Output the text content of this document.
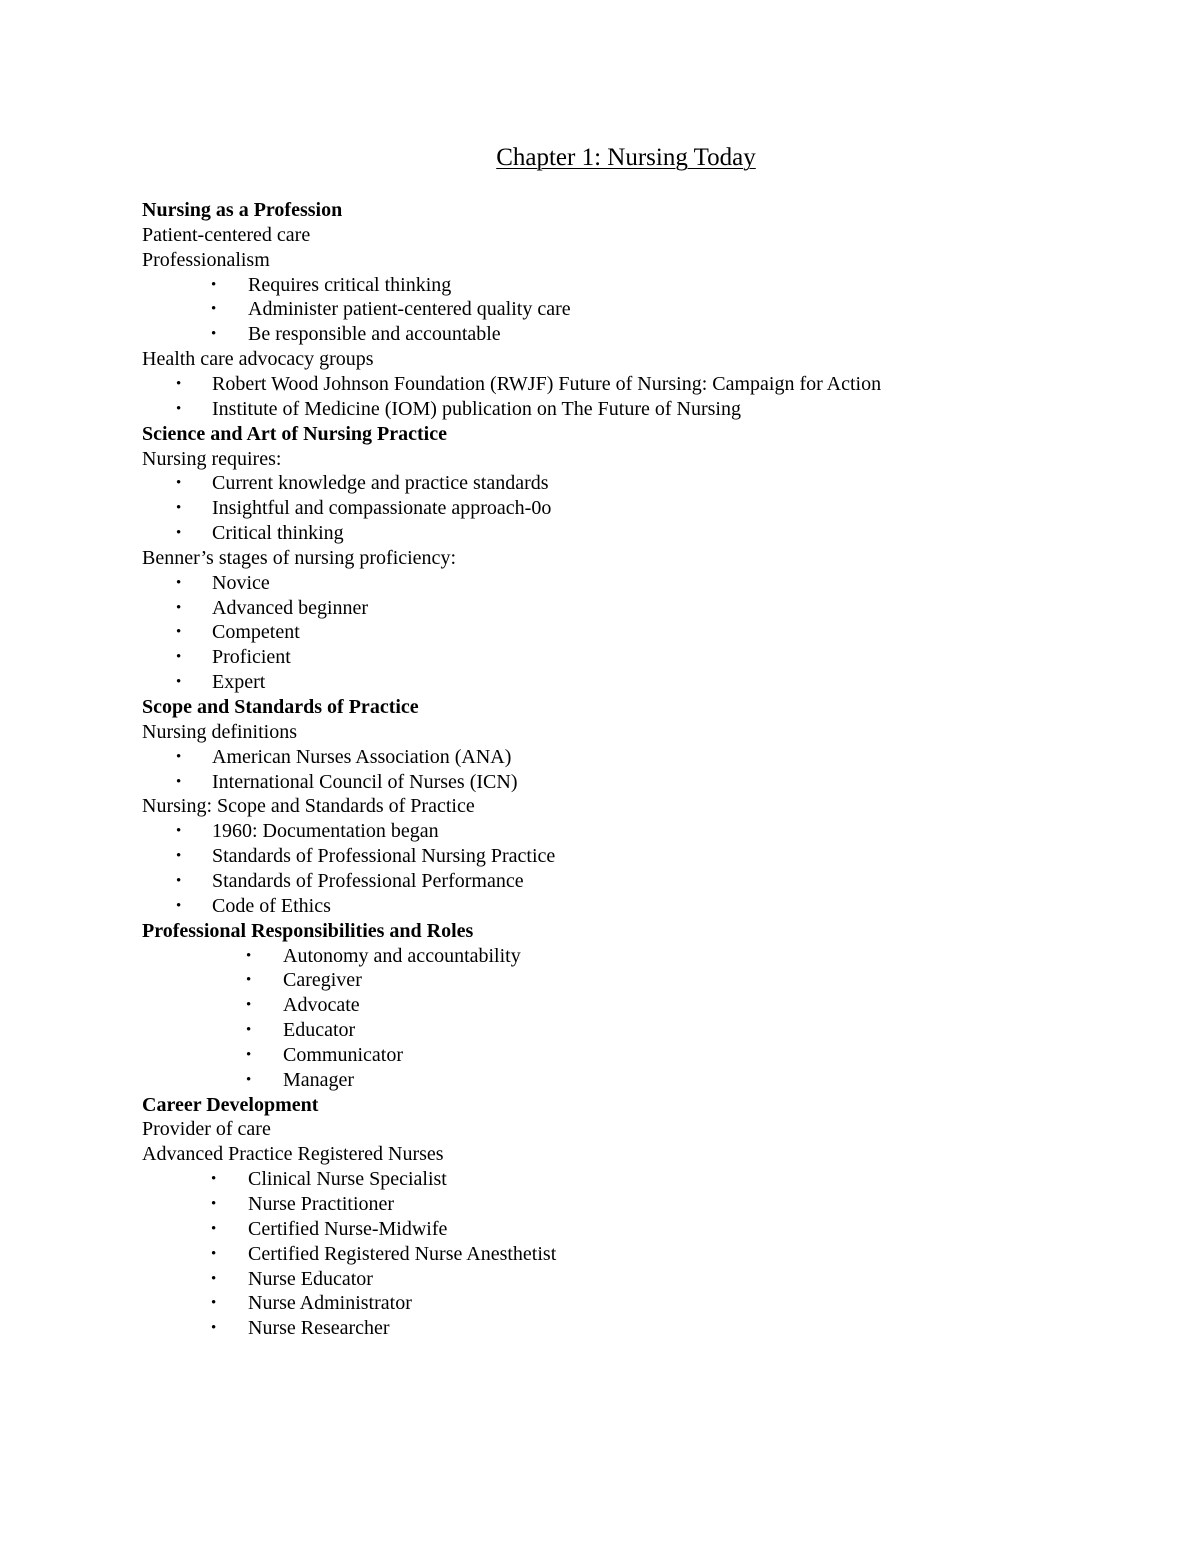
Chapter 1: Nursing Today
Nursing as a Profession
Patient-centered care
Professionalism
• Requires critical thinking
• Administer patient-centered quality care
• Be responsible and accountable
Health care advocacy groups
• Robert Wood Johnson Foundation (RWJF) Future of Nursing: Campaign for Action
• Institute of Medicine (IOM) publication on The Future of Nursing
Science and Art of Nursing Practice
Nursing requires:
• Current knowledge and practice standards
• Insightful and compassionate approach-0o
• Critical thinking
Benner’s stages of nursing proficiency:
• Novice
• Advanced beginner
• Competent
• Proficient
• Expert
Scope and Standards of Practice
Nursing definitions
• American Nurses Association (ANA)
• International Council of Nurses (ICN)
Nursing: Scope and Standards of Practice
• 1960: Documentation began
• Standards of Professional Nursing Practice
• Standards of Professional Performance
• Code of Ethics
Professional Responsibilities and Roles
• Autonomy and accountability
• Caregiver
• Advocate
• Educator
• Communicator
• Manager
Career Development
Provider of care
Advanced Practice Registered Nurses
• Clinical Nurse Specialist
• Nurse Practitioner
• Certified Nurse-Midwife
• Certified Registered Nurse Anesthetist
• Nurse Educator
• Nurse Administrator
• Nurse Researcher
